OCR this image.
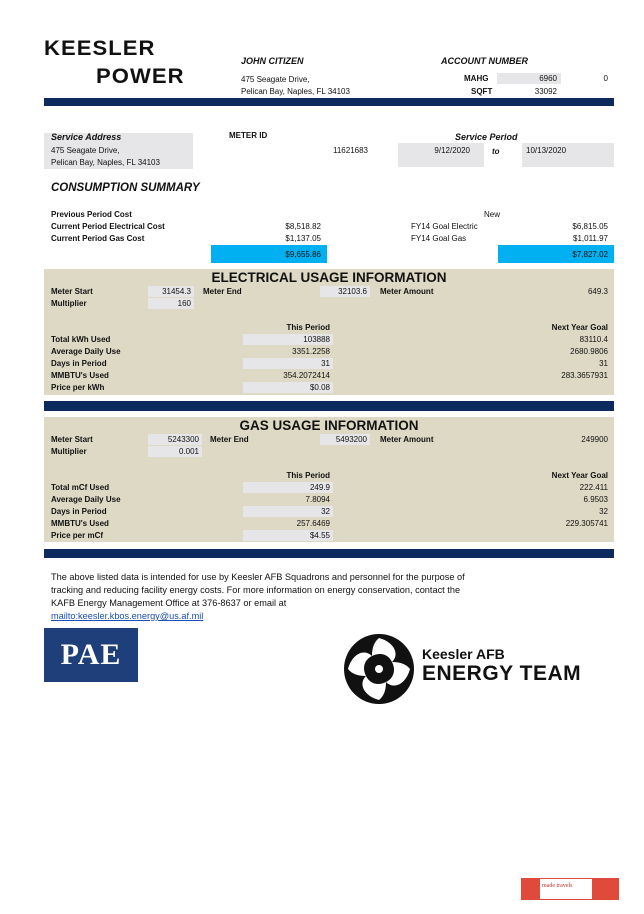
KEESLER
POWER
JOHN CITIZEN
475 Seagate Drive,
Pelican Bay, Naples, FL 34103
ACCOUNT NUMBER
MAHG	6960	0
SQFT	33092
Service Address
475 Seagate Drive,
Pelican Bay, Naples, FL 34103
METER ID
11621683
Service Period
9/12/2020	to	10/13/2020
CONSUMPTION SUMMARY
Previous Period Cost	New
Current Period Electrical Cost	$8,518.82	FY14 Goal Electric	$6,815.05
Current Period Gas Cost	$1,137.05	FY14 Goal Gas	$1,011.97
$9,655.86	$7,827.02
ELECTRICAL USAGE INFORMATION
Meter Start	31454.3 Meter End	32103.6 Meter Amount	649.3
Multiplier	160
This Period	Next Year Goal
Total kWh Used	103888	83110.4
Average Daily Use	3351.2258	2680.9806
Days in Period	31	31
MMBTU's Used	354.2072414	283.3657931
Price per kWh	$0.08
GAS USAGE INFORMATION
Meter Start	5243300 Meter End	5493200 Meter Amount	249900
Multiplier	0.001
This Period	Next Year Goal
Total mCf Used	249.9	222.411
Average Daily Use	7.8094	6.9503
Days in Period	32	32
MMBTU's Used	257.6469	229.305741
Price per mCf	$4.55
The above listed data is intended for use by Keesler AFB Squadrons and personnel for the purpose of
tracking and reducing facility energy costs. For more information on energy conservation, contact the
KAFB Energy Management Office at 376-8637 or email at
mailto:keesler.kbos.energy@us.af.mil
PAE	Keesler AFB
ENERGY TEAM
made travels
